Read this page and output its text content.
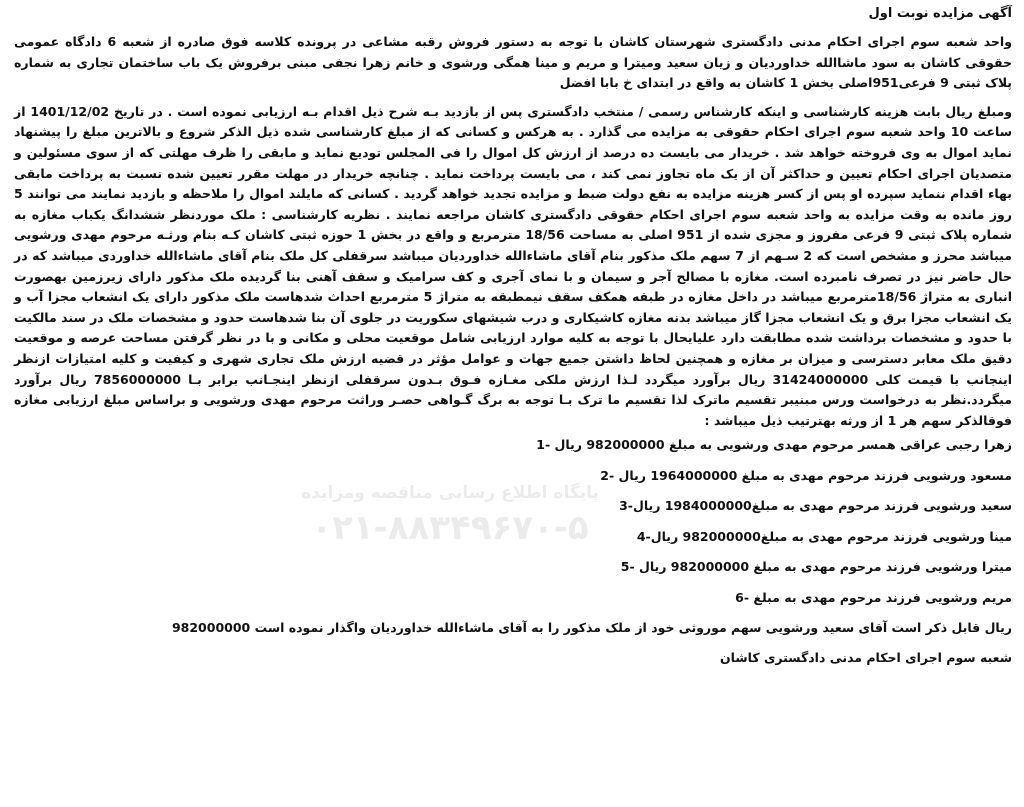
آگهی مزایده نوبت اول

واحد شعبه سوم اجرای احکام مدنی دادگستری شهرستان کاشان با توجه به دستور فروش رقبه مشاعی در پرونده کلاسه فوق صادره از شعبه 6 دادگاه عمومی حقوقی کاشان به سود ماشاالله خداوردیان و زیان سعید ومیترا و مریم و مینا همگی ورشوی و خانم زهرا نجفی مبنی برفروش یک باب ساختمان تجاری به شماره پلاک ثبتی 9 فرعی951اصلی بخش 1 کاشان به واقع در ابتدای خ بابا افضل

ومبلغ ریال بابت هزینه کارشناسی و اینکه کارشناس رسمی / منتخب دادگستری پس از بازدید بـه شرح ذیل اقدام بـه ارزیابی نموده است . در تاریخ 1401/12/02 از ساعت 10 واحد شعبه سوم اجرای احکام حقوقی به مزایده می گذارد . به هرکس و کسانی که از مبلغ کارشناسی شده ذیل الذکر شروع و بالاترین مبلغ را پیشنهاد نماید اموال به وی فروخته خواهد شد . خریدار می بایست ده درصد از ارزش کل اموال را فی المجلس تودیع نماید و مابقی را ظرف مهلتی که از سوی مسئولین و متصدیان اجرای احکام تعیین و حداکثر آن از یک ماه تجاوز نمی کند ، می بایست پرداخت نماید . چنانچه خریدار در مهلت مقرر تعیین شده نسبت به پرداخت مابقی بهاء اقدام ننماید سپرده او پس از کسر هزینه مزایده به نفع دولت ضبط و مزایده تجدید خواهد گردید . کسانی که مایلند اموال را ملاحظه و بازدید نمایند می توانند 5 روز مانده به وقت مزایده به واحد شعبه سوم اجرای احکام حقوقی دادگستری کاشان مراجعه نمایند . نظریه کارشناسی : ملک موردنظر ششدانگ یکباب مغازه به شماره پلاک ثبتی 9 فرعی مفروز و مجزی شده از 951 اصلی به مساحت 18/56 مترمربع و واقع در بخش 1 حوزه ثبتی کاشان کـه بنام ورثـه مرحوم مهدی ورشویی میباشد محرز و مشخص است که 2 سـهم از 7 سهم ملک مذکور بنام آقای ماشاءالله خداوردیان میباشد سرقفلی کل ملک بنام آقای ماشاءالله خداوردی میباشد که در حال حاضر نیز در تصرف نامبرده است. مغازه با مصالح آجر و سیمان و با نمای آجری و کف سرامیک و سقف آهنی بنا گردیده ملک مذکور دارای زیرزمین بهصورت انباری به متراژ 18/56مترمربع میباشد در داخل مغازه در طبقه همکف سقف نیمطبقه به متراژ 5 مترمربع احداث شدهاست ملک مذکور دارای یک انشعاب مجزا آب و یک انشعاب مجزا برق و یک انشعاب مجزا گاز میباشد بدنه مغازه کاشیکاری و درب شیشهای سکوریت در جلوی آن بنا شدهاست حدود و مشخصات ملک در سند مالکیت با حدود و مشخصات برداشت شده مطابقت دارد علیایحال با توجه به کلیه موارد ارزیابی شامل موقعیت محلی و مکانی و با در نظر گرفتن مساحت عرصه و موقعیت دقیق ملک معابر دسترسی و میزان بر مغازه و همچنین لحاظ داشتن جمیع جهات و عوامل مؤثر در قضیه ارزش ملک تجاری شهری و کیفیت و کلیه امتیازات ازنظر اینجانب با قیمت کلی 31424000000 ریال برآورد میگردد لـذا ارزش ملکی مغـازه فـوق بـدون سرقفلی ازنظر اینجـانب برابر بـا 7856000000 ریال برآورد میگردد.نظر به درخواست ورس مبنیبر تقسیم ماترک لذا تقسیم ما ترک بـا توجه به برگ گـواهی حصـر وراثت مرحوم مهدی ورشویی و براساس مبلغ ارزیابی مغازه فوقالذکر سهم هر 1 از ورثه بهترتیب ذیل میباشد :

زهرا رجبی عراقی همسر مرحوم مهدی ورشویی به مبلغ 982000000 ریال -1
مسعود ورشویی فرزند مرحوم مهدی به مبلغ 1964000000 ریال -2
سعید ورشویی فرزند مرحوم مهدی به مبلغ1984000000 ریال-3
مینا ورشویی فرزند مرحوم مهدی به مبلغ982000000 ریال-4
میترا ورشویی فرزند مرحوم مهدی به مبلغ 982000000 ریال -5
مریم ورشویی فرزند مرحوم مهدی به مبلغ -6

ریال قابل ذکر است آقای سعید ورشویی سهم موروثی خود از ملک مذکور را به آقای ماشاءالله خداوردیان واگذار نموده است 982000000

شعبه سوم اجرای احکام مدنی دادگستری کاشان

پایگاه اطلاع رسانی مناقصه ومزایده
۰۲۱-۸۸۳۴۹۶۷۰-۵
